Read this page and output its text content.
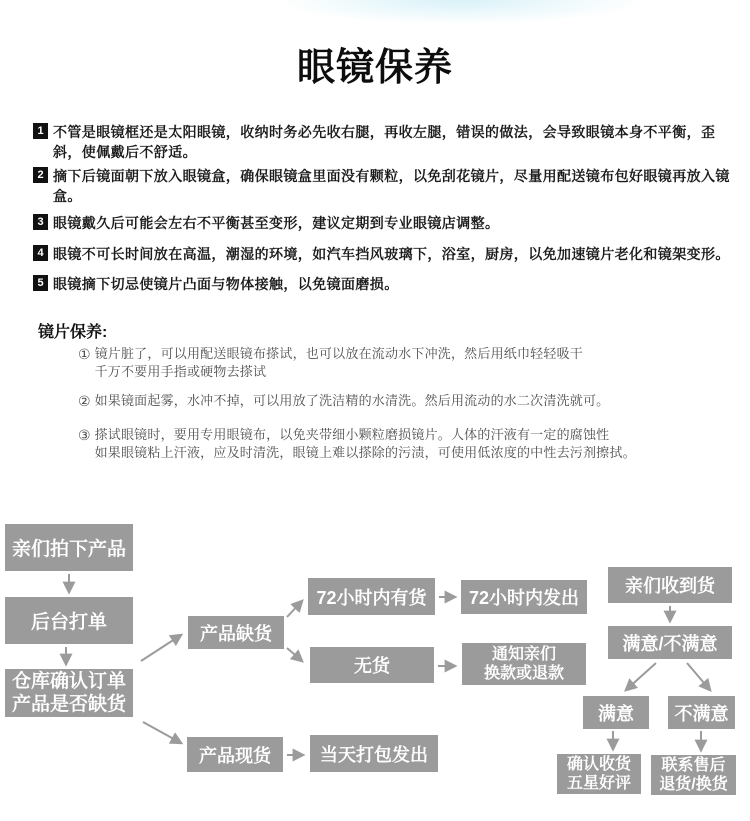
眼镜保养
1 不管是眼镜框还是太阳眼镜，收纳时务必先收右腿，再收左腿，错误的做法，会导致眼镜本身不平衡，歪斜，使佩戴后不舒适。
2 摘下后镜面朝下放入眼镜盒，确保眼镜盒里面没有颗粒，以免刮花镜片，尽量用配送镜布包好眼镜再放入镜盒。
3 眼镜戴久后可能会左右不平衡甚至变形，建议定期到专业眼镜店调整。
4 眼镜不可长时间放在高温，潮湿的环境，如汽车挡风玻璃下，浴室，厨房，以免加速镜片老化和镜架变形。
5 眼镜摘下切忌使镜片凸面与物体接触，以免镜面磨损。
镜片保养:
① 镜片脏了，可以用配送眼镜布搽试，也可以放在流动水下冲洗，然后用纸巾轻轻吸干
千万不要用手指或硬物去搽试
② 如果镜面起雾，水冲不掉，可以用放了洗洁精的水清洗。然后用流动的水二次清洗就可。
③ 搽试眼镜时，要用专用眼镜布，以免夹带细小颗粒磨损镜片。人体的汗液有一定的腐蚀性
如果眼镜粘上汗液，应及时清洗，眼镜上难以搽除的污渍，可使用低浓度的中性去污剂擦拭。
亲们拍下产品
后台打单
仓库确认订单
产品是否缺货
产品缺货
产品现货
72小时内有货
无货
当天打包发出
72小时内发出
通知亲们
换款或退款
亲们收到货
满意/不满意
满意 不满意
确认收货
五星好评
联系售后
退货/换货
